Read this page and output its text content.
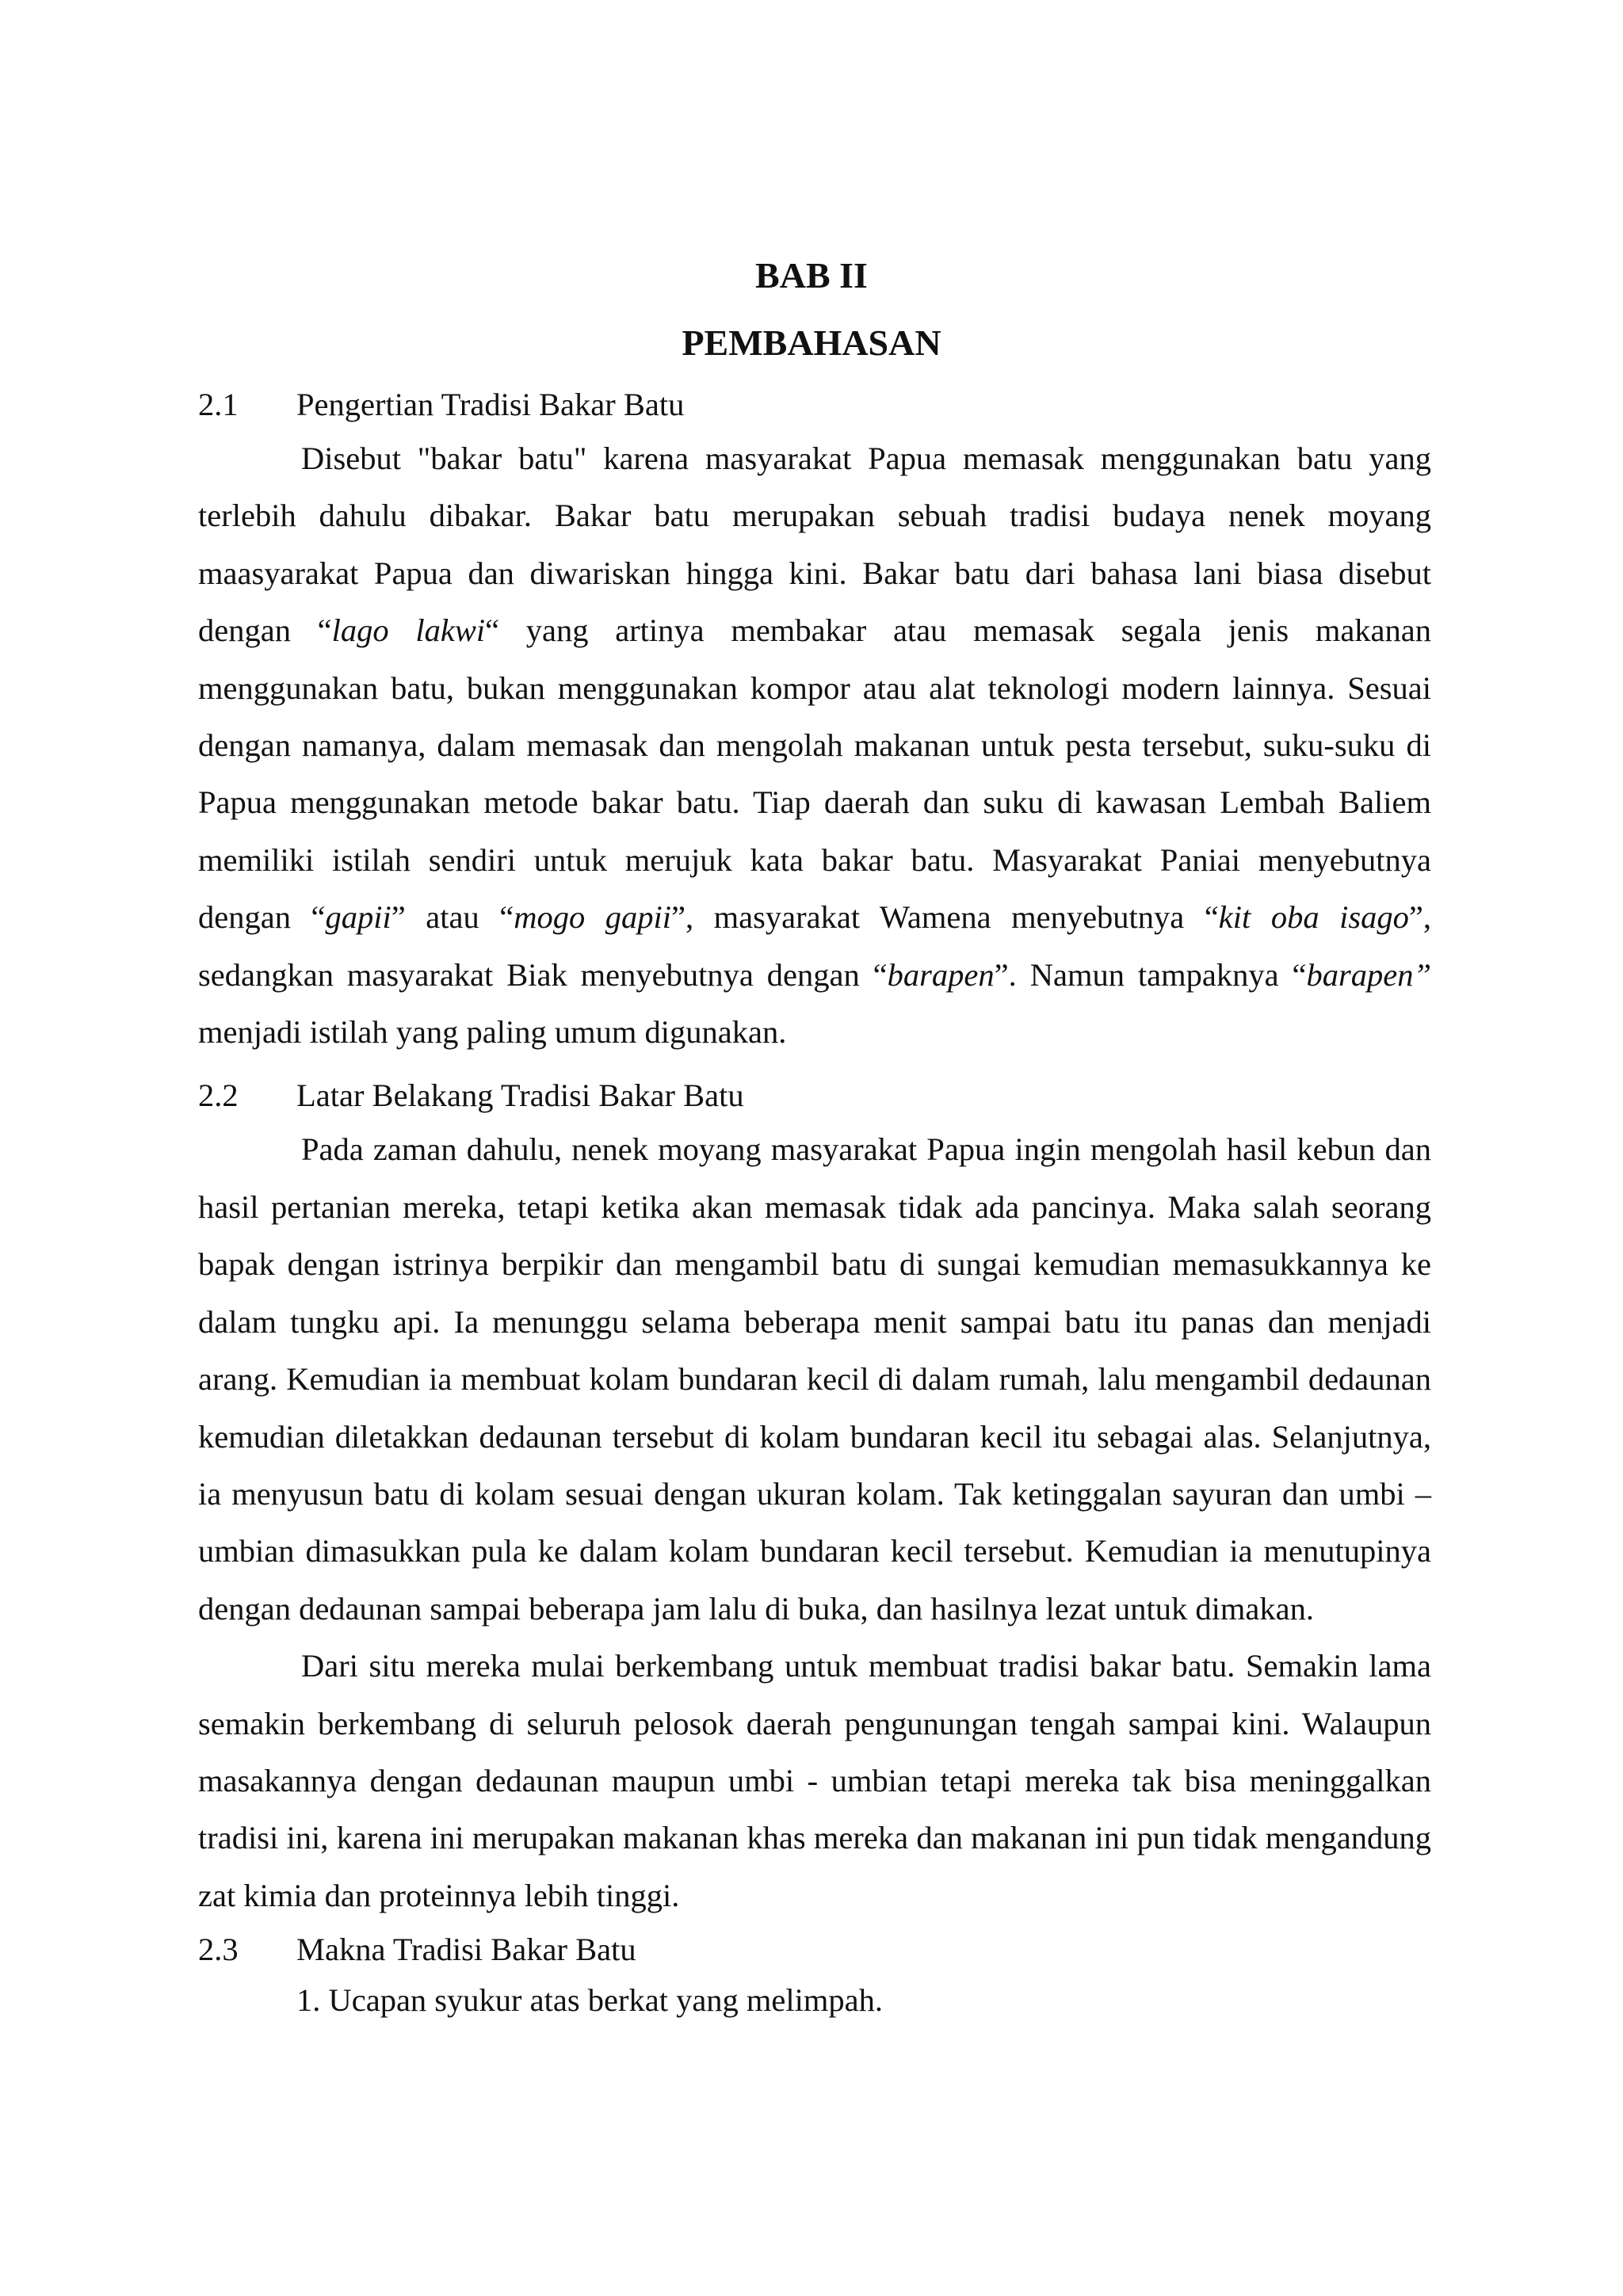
BAB II
PEMBAHASAN
2.1 Pengertian Tradisi Bakar Batu

Disebut "bakar batu" karena masyarakat Papua memasak menggunakan batu yang terlebih dahulu dibakar. Bakar batu merupakan sebuah tradisi budaya nenek moyang maasyarakat Papua dan diwariskan hingga kini. Bakar batu dari bahasa lani biasa disebut dengan “lago lakwi“ yang artinya membakar atau memasak segala jenis makanan menggunakan batu, bukan menggunakan kompor atau alat teknologi modern lainnya. Sesuai dengan namanya, dalam memasak dan mengolah makanan untuk pesta tersebut, suku-suku di Papua menggunakan metode bakar batu. Tiap daerah dan suku di kawasan Lembah Baliem memiliki istilah sendiri untuk merujuk kata bakar batu. Masyarakat Paniai menyebutnya dengan “gapii” atau “mogo gapii”, masyarakat Wamena menyebutnya “kit oba isago”, sedangkan masyarakat Biak menyebutnya dengan “barapen”. Namun tampaknya “barapen” menjadi istilah yang paling umum digunakan.

2.2 Latar Belakang Tradisi Bakar Batu

Pada zaman dahulu, nenek moyang masyarakat Papua ingin mengolah hasil kebun dan hasil pertanian mereka, tetapi ketika akan memasak tidak ada pancinya. Maka salah seorang bapak dengan istrinya berpikir dan mengambil batu di sungai kemudian memasukkannya ke dalam tungku api. Ia menunggu selama beberapa menit sampai batu itu panas dan menjadi arang. Kemudian ia membuat kolam bundaran kecil di dalam rumah, lalu mengambil dedaunan kemudian diletakkan dedaunan tersebut di kolam bundaran kecil itu sebagai alas. Selanjutnya, ia menyusun batu di kolam sesuai dengan ukuran kolam. Tak ketinggalan sayuran dan umbi – umbian dimasukkan pula ke dalam kolam bundaran kecil tersebut. Kemudian ia menutupinya dengan dedaunan sampai beberapa jam lalu di buka, dan hasilnya lezat untuk dimakan.

Dari situ mereka mulai berkembang untuk membuat tradisi bakar batu. Semakin lama semakin berkembang di seluruh pelosok daerah pengunungan tengah sampai kini. Walaupun masakannya dengan dedaunan maupun umbi - umbian tetapi mereka tak bisa meninggalkan tradisi ini, karena ini merupakan makanan khas mereka dan makanan ini pun tidak mengandung zat kimia dan proteinnya lebih tinggi.

2.3 Makna Tradisi Bakar Batu

1. Ucapan syukur atas berkat yang melimpah.
